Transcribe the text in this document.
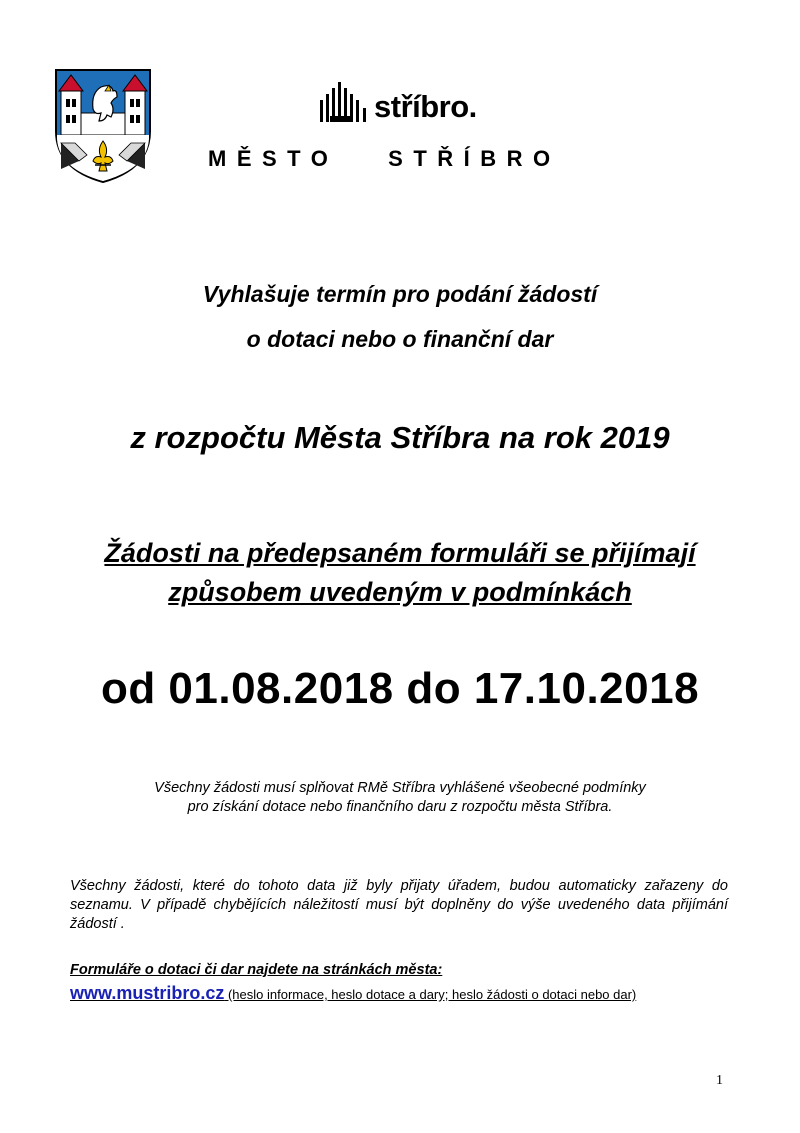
stříbro.
MĚSTO   STŘÍBRO
Vyhlašuje termín pro podání žádostí
o dotaci nebo o finanční dar
z rozpočtu Města Stříbra na rok 2019
Žádosti na předepsaném formuláři se přijímají
způsobem uvedeným v podmínkách
od 01.08.2018 do 17.10.2018
Všechny žádosti musí splňovat RMě Stříbra vyhlášené všeobecné podmínky
pro získání dotace nebo finančního daru z rozpočtu města Stříbra.
Všechny žádosti, které do tohoto data již byly přijaty úřadem, budou automaticky zařazeny do seznamu. V případě chybějících náležitostí musí být doplněny do výše uvedeného data přijímání žádostí .
Formuláře o dotaci či dar najdete na stránkách města:
www.mustribro.cz (heslo informace, heslo dotace a dary; heslo žádosti o dotaci nebo dar)
1
